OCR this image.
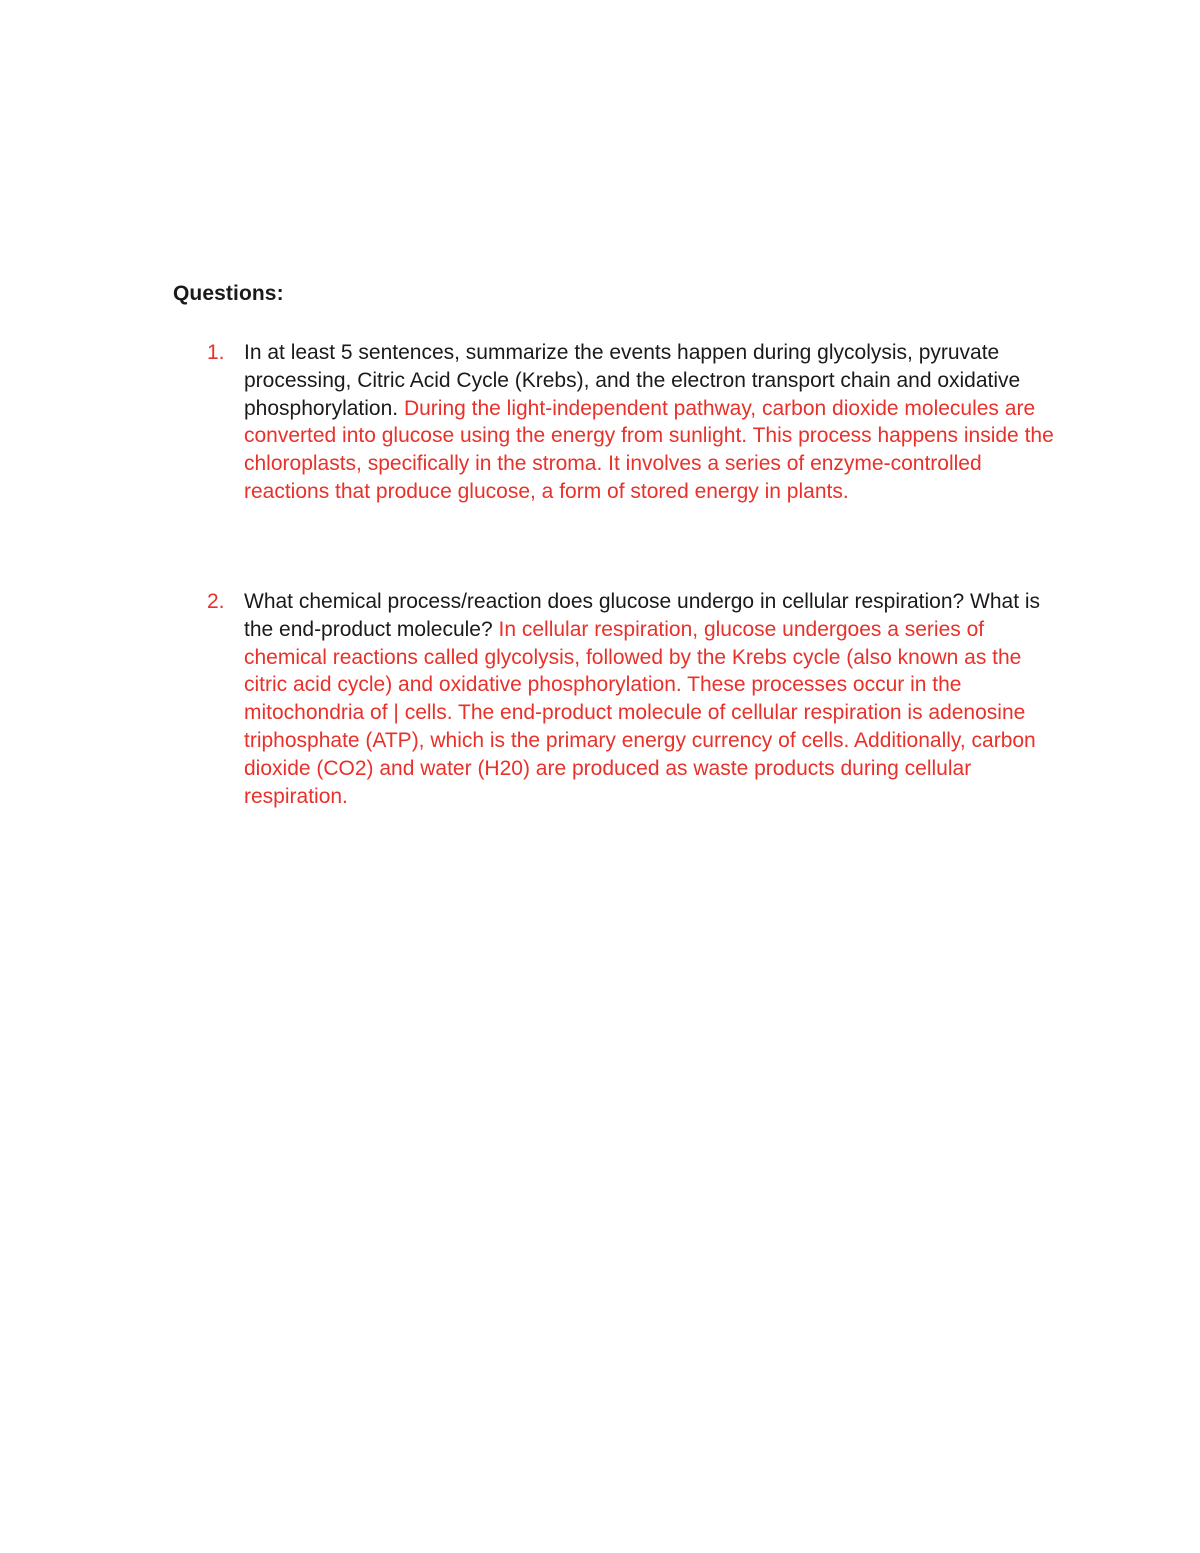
Questions:
1. In at least 5 sentences, summarize the events happen during glycolysis, pyruvate processing, Citric Acid Cycle (Krebs), and the electron transport chain and oxidative phosphorylation. During the light-independent pathway, carbon dioxide molecules are converted into glucose using the energy from sunlight. This process happens inside the chloroplasts, specifically in the stroma. It involves a series of enzyme-controlled reactions that produce glucose, a form of stored energy in plants.
2. What chemical process/reaction does glucose undergo in cellular respiration? What is the end-product molecule? In cellular respiration, glucose undergoes a series of chemical reactions called glycolysis, followed by the Krebs cycle (also known as the citric acid cycle) and oxidative phosphorylation. These processes occur in the mitochondria of | cells. The end-product molecule of cellular respiration is adenosine triphosphate (ATP), which is the primary energy currency of cells. Additionally, carbon dioxide (CO2) and water (H20) are produced as waste products during cellular respiration.
